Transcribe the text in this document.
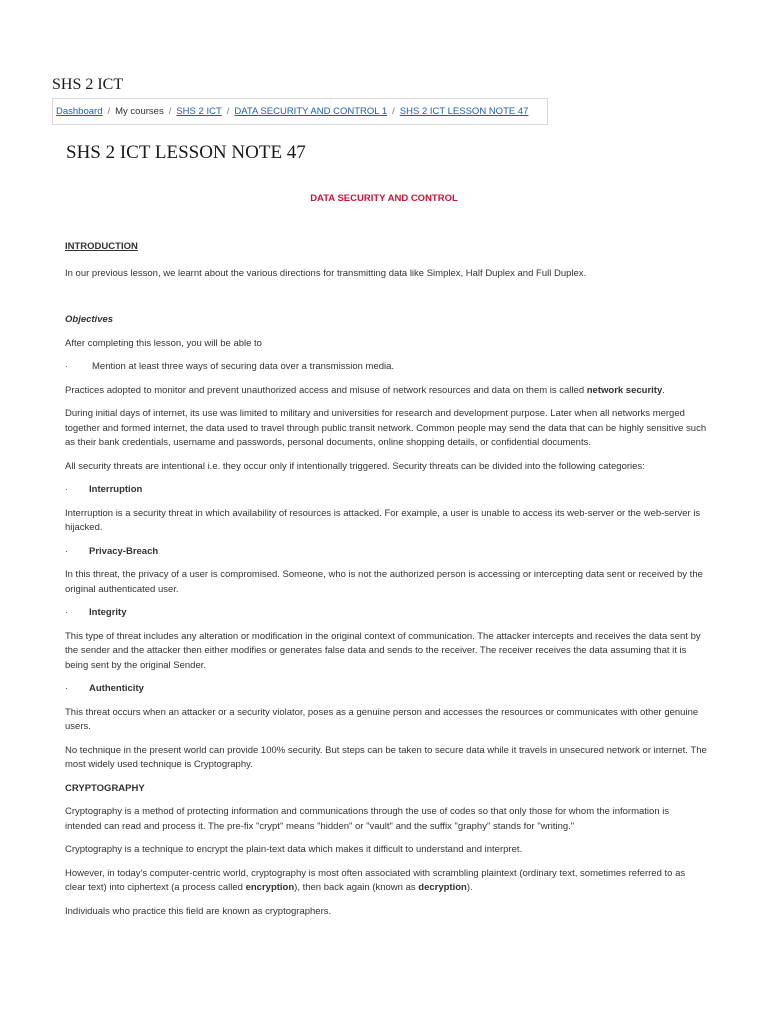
SHS 2 ICT
Dashboard / My courses / SHS 2 ICT / DATA SECURITY AND CONTROL 1 / SHS 2 ICT LESSON NOTE 47
SHS 2 ICT LESSON NOTE 47

DATA SECURITY AND CONTROL

INTRODUCTION

In our previous lesson, we learnt about the various directions for transmitting data like Simplex, Half Duplex and Full Duplex.

Objectives

After completing this lesson, you will be able to

·	Mention at least three ways of securing data over a transmission media.

Practices adopted to monitor and prevent unauthorized access and misuse of network resources and data on them is called network security.

During initial days of internet, its use was limited to military and universities for research and development purpose. Later when all networks merged together and formed internet, the data used to travel through public transit network. Common people may send the data that can be highly sensitive such as their bank credentials, username and passwords, personal documents, online shopping details, or confidential documents.

All security threats are intentional i.e. they occur only if intentionally triggered. Security threats can be divided into the following categories:

·	Interruption

Interruption is a security threat in which availability of resources is attacked. For example, a user is unable to access its web-server or the web-server is hijacked.

·	Privacy-Breach

In this threat, the privacy of a user is compromised. Someone, who is not the authorized person is accessing or intercepting data sent or received by the original authenticated user.

·	Integrity

This type of threat includes any alteration or modification in the original context of communication. The attacker intercepts and receives the data sent by the sender and the attacker then either modifies or generates false data and sends to the receiver. The receiver receives the data assuming that it is being sent by the original Sender.

·	Authenticity

This threat occurs when an attacker or a security violator, poses as a genuine person and accesses the resources or communicates with other genuine users.

No technique in the present world can provide 100% security. But steps can be taken to secure data while it travels in unsecured network or internet. The most widely used technique is Cryptography.

CRYPTOGRAPHY

Cryptography is a method of protecting information and communications through the use of codes so that only those for whom the information is intended can read and process it. The pre-fix "crypt" means "hidden" or "vault" and the suffix "graphy" stands for "writing."

Cryptography is a technique to encrypt the plain-text data which makes it difficult to understand and interpret.

However, in today's computer-centric world, cryptography is most often associated with scrambling plaintext (ordinary text, sometimes referred to as clear text) into ciphertext (a process called encryption), then back again (known as decryption).

Individuals who practice this field are known as cryptographers.
